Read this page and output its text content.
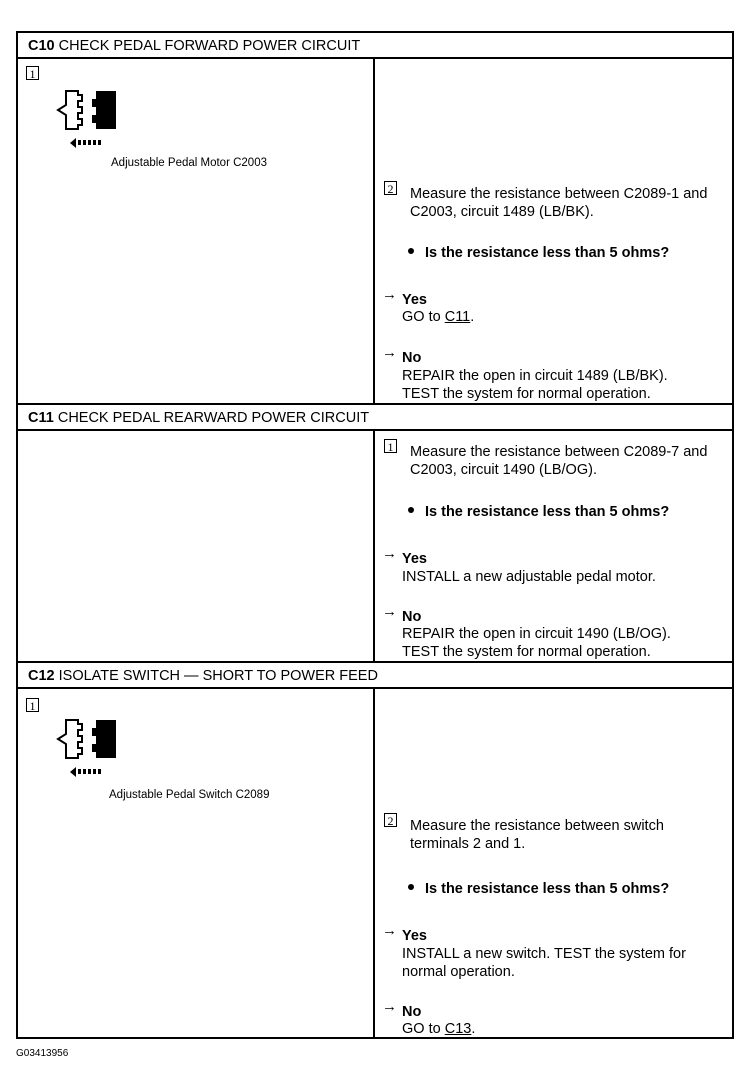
C10 CHECK PEDAL FORWARD POWER CIRCUIT
1
Adjustable Pedal Motor C2003
2 Measure the resistance between C2089-1 and
C2003, circuit 1489 (LB/BK).
Is the resistance less than 5 ohms?
→ Yes
GO to C11.
→ No
REPAIR the open in circuit 1489 (LB/BK).
TEST the system for normal operation.
C11 CHECK PEDAL REARWARD POWER CIRCUIT
1 Measure the resistance between C2089-7 and
C2003, circuit 1490 (LB/OG).
Is the resistance less than 5 ohms?
→ Yes
INSTALL a new adjustable pedal motor.
→ No
REPAIR the open in circuit 1490 (LB/OG).
TEST the system for normal operation.
C12 ISOLATE SWITCH — SHORT TO POWER FEED
1
Adjustable Pedal Switch C2089
2 Measure the resistance between switch
terminals 2 and 1.
Is the resistance less than 5 ohms?
→ Yes
INSTALL a new switch. TEST the system for
normal operation.
→ No
GO to C13.
G03413956
